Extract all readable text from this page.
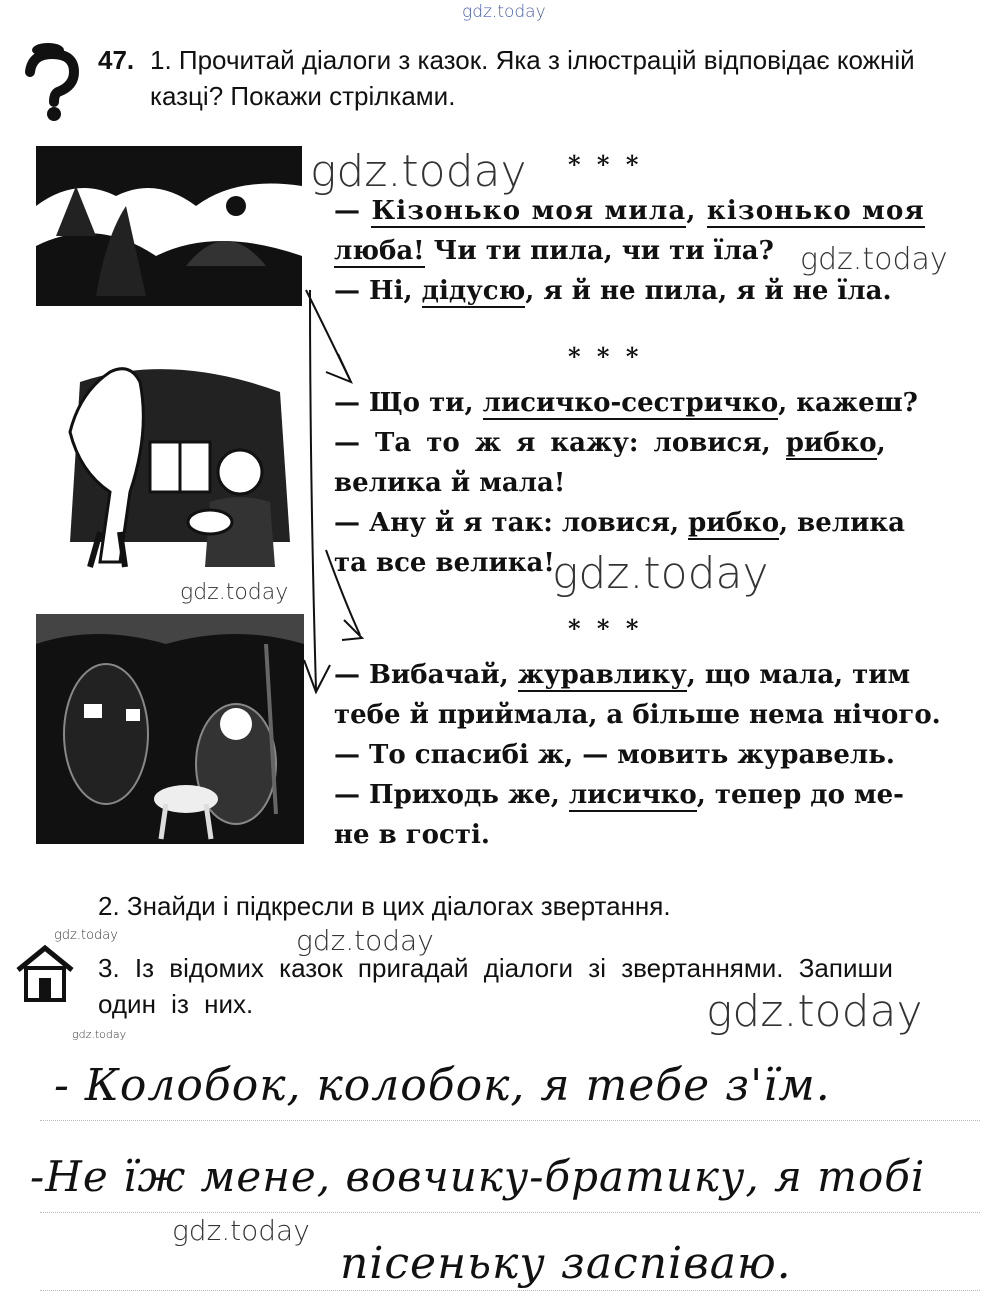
gdz.today
gdz.today
gdz.today
gdz.today
gdz.today
gdz.today	gdz.today
gdz.today
gdz.today
gdz.today
47. 1. Прочитай діалоги з казок. Яка з ілюстрацій відповідає кожній казці? Покажи стрілками.
* * *
— Кізонько моя мила, кізонько моя
люба! Чи ти пила, чи ти їла?
— Ні, дідусю, я й не пила, я й не їла.
* * *
— Що ти, лисичко-сестричко, кажеш?
— Та то ж я кажу: ловися, рибко,
велика й мала!
— Ану й я так: ловися, рибко, велика
та все велика!
* * *
— Вибачай, журавлику, що мала, тим
тебе й приймала, а більше нема нічого.
— То спасибі ж, — мовить журавель.
— Приходь же, лисичко, тепер до ме-
не в гості.
2. Знайди і підкресли в цих діалогах звертання.
3. Із відомих казок пригадай діалоги зі звертаннями. Запиши один із них.
- Колобок, колобок, я тебе з'їм.
-Не їж мене, вовчику-братику, я тобі
пісеньку заспіваю.
